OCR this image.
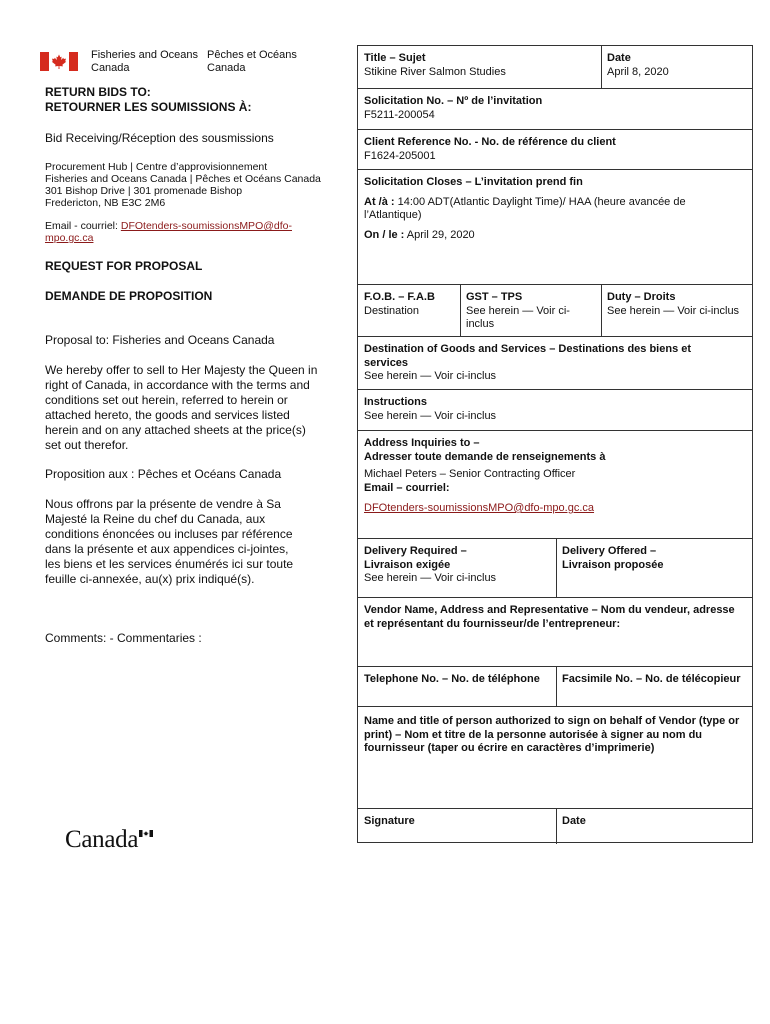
Fisheries and Oceans
Canada
Pêches et Océans
Canada
RETURN BIDS TO:
RETOURNER LES SOUMISSIONS À:
Bid Receiving/Réception des sousmissions
Procurement Hub | Centre d’approvisionnement
Fisheries and Oceans Canada | Pêches et Océans Canada
301 Bishop Drive | 301 promenade Bishop
Fredericton, NB E3C 2M6
Email - courriel: DFOtenders-soumissionsMPO@dfo-mpo.gc.ca
REQUEST FOR PROPOSAL
DEMANDE DE PROPOSITION
Proposal to: Fisheries and Oceans Canada
We hereby offer to sell to Her Majesty the Queen in right of Canada, in accordance with the terms and conditions set out herein, referred to herein or attached hereto, the goods and services listed herein and on any attached sheets at the price(s) set out therefor.
Proposition aux : Pêches et Océans Canada
Nous offrons par la présente de vendre à Sa Majesté la Reine du chef du Canada, aux conditions énoncées ou incluses par référence dans la présente et aux appendices ci-jointes, les biens et les services énumérés ici sur toute feuille ci-annexée, au(x) prix indiqué(s).
Comments: - Commentaries :
Canada
Title – Sujet
Stikine River Salmon Studies
Date
April 8, 2020
Solicitation No. – Nº de l’invitation
F5211-200054
Client Reference No. - No. de référence du client
F1624-205001
Solicitation Closes – L’invitation prend fin
At /à : 14:00 ADT(Atlantic Daylight Time)/ HAA (heure avancée de l’Atlantique)
On / le : April 29, 2020
F.O.B. – F.A.B
Destination
GST – TPS
See herein — Voir ci-inclus
Duty – Droits
See herein — Voir ci-inclus
Destination of Goods and Services – Destinations des biens et services
See herein — Voir ci-inclus
Instructions
See herein — Voir ci-inclus
Address Inquiries to –
Adresser toute demande de renseignements à
Michael Peters – Senior Contracting Officer
Email – courriel:
DFOtenders-soumissionsMPO@dfo-mpo.gc.ca
Delivery Required –
Livraison exigée
See herein — Voir ci-inclus
Delivery Offered –
Livraison proposée
Vendor Name, Address and Representative – Nom du vendeur, adresse et représentant du fournisseur/de l’entrepreneur:
Telephone No. – No. de téléphone	Facsimile No. – No. de télécopieur
Name and title of person authorized to sign on behalf of Vendor (type or print) – Nom et titre de la personne autorisée à signer au nom du fournisseur (taper ou écrire en caractères d’imprimerie)
Signature	Date
